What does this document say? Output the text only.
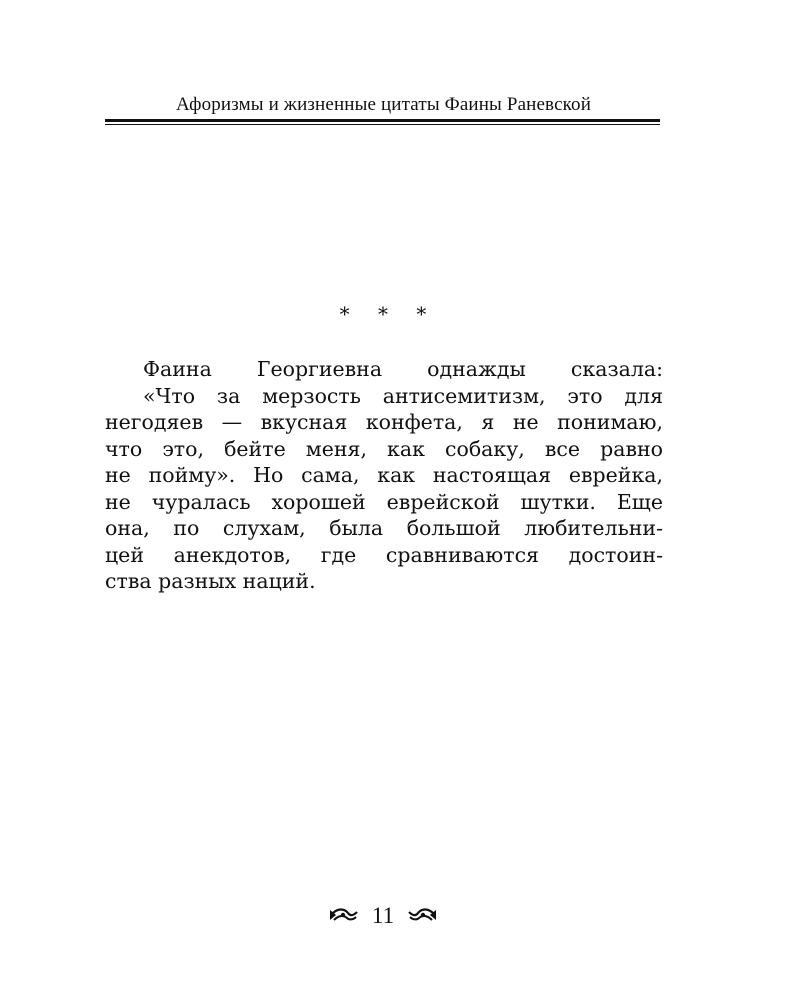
Афоризмы и жизненные цитаты Фаины Раневской
* * *
Фаина Георгиевна однажды сказала:
«Что за мерзость антисемитизм, это для
негодяев — вкусная конфета, я не понимаю,
что это, бейте меня, как собаку, все равно
не пойму». Но сама, как настоящая еврейка,
не чуралась хорошей еврейской шутки. Еще
она, по слухам, была большой любительни-
цей анекдотов, где сравниваются достоин-
ства разных наций.
11
